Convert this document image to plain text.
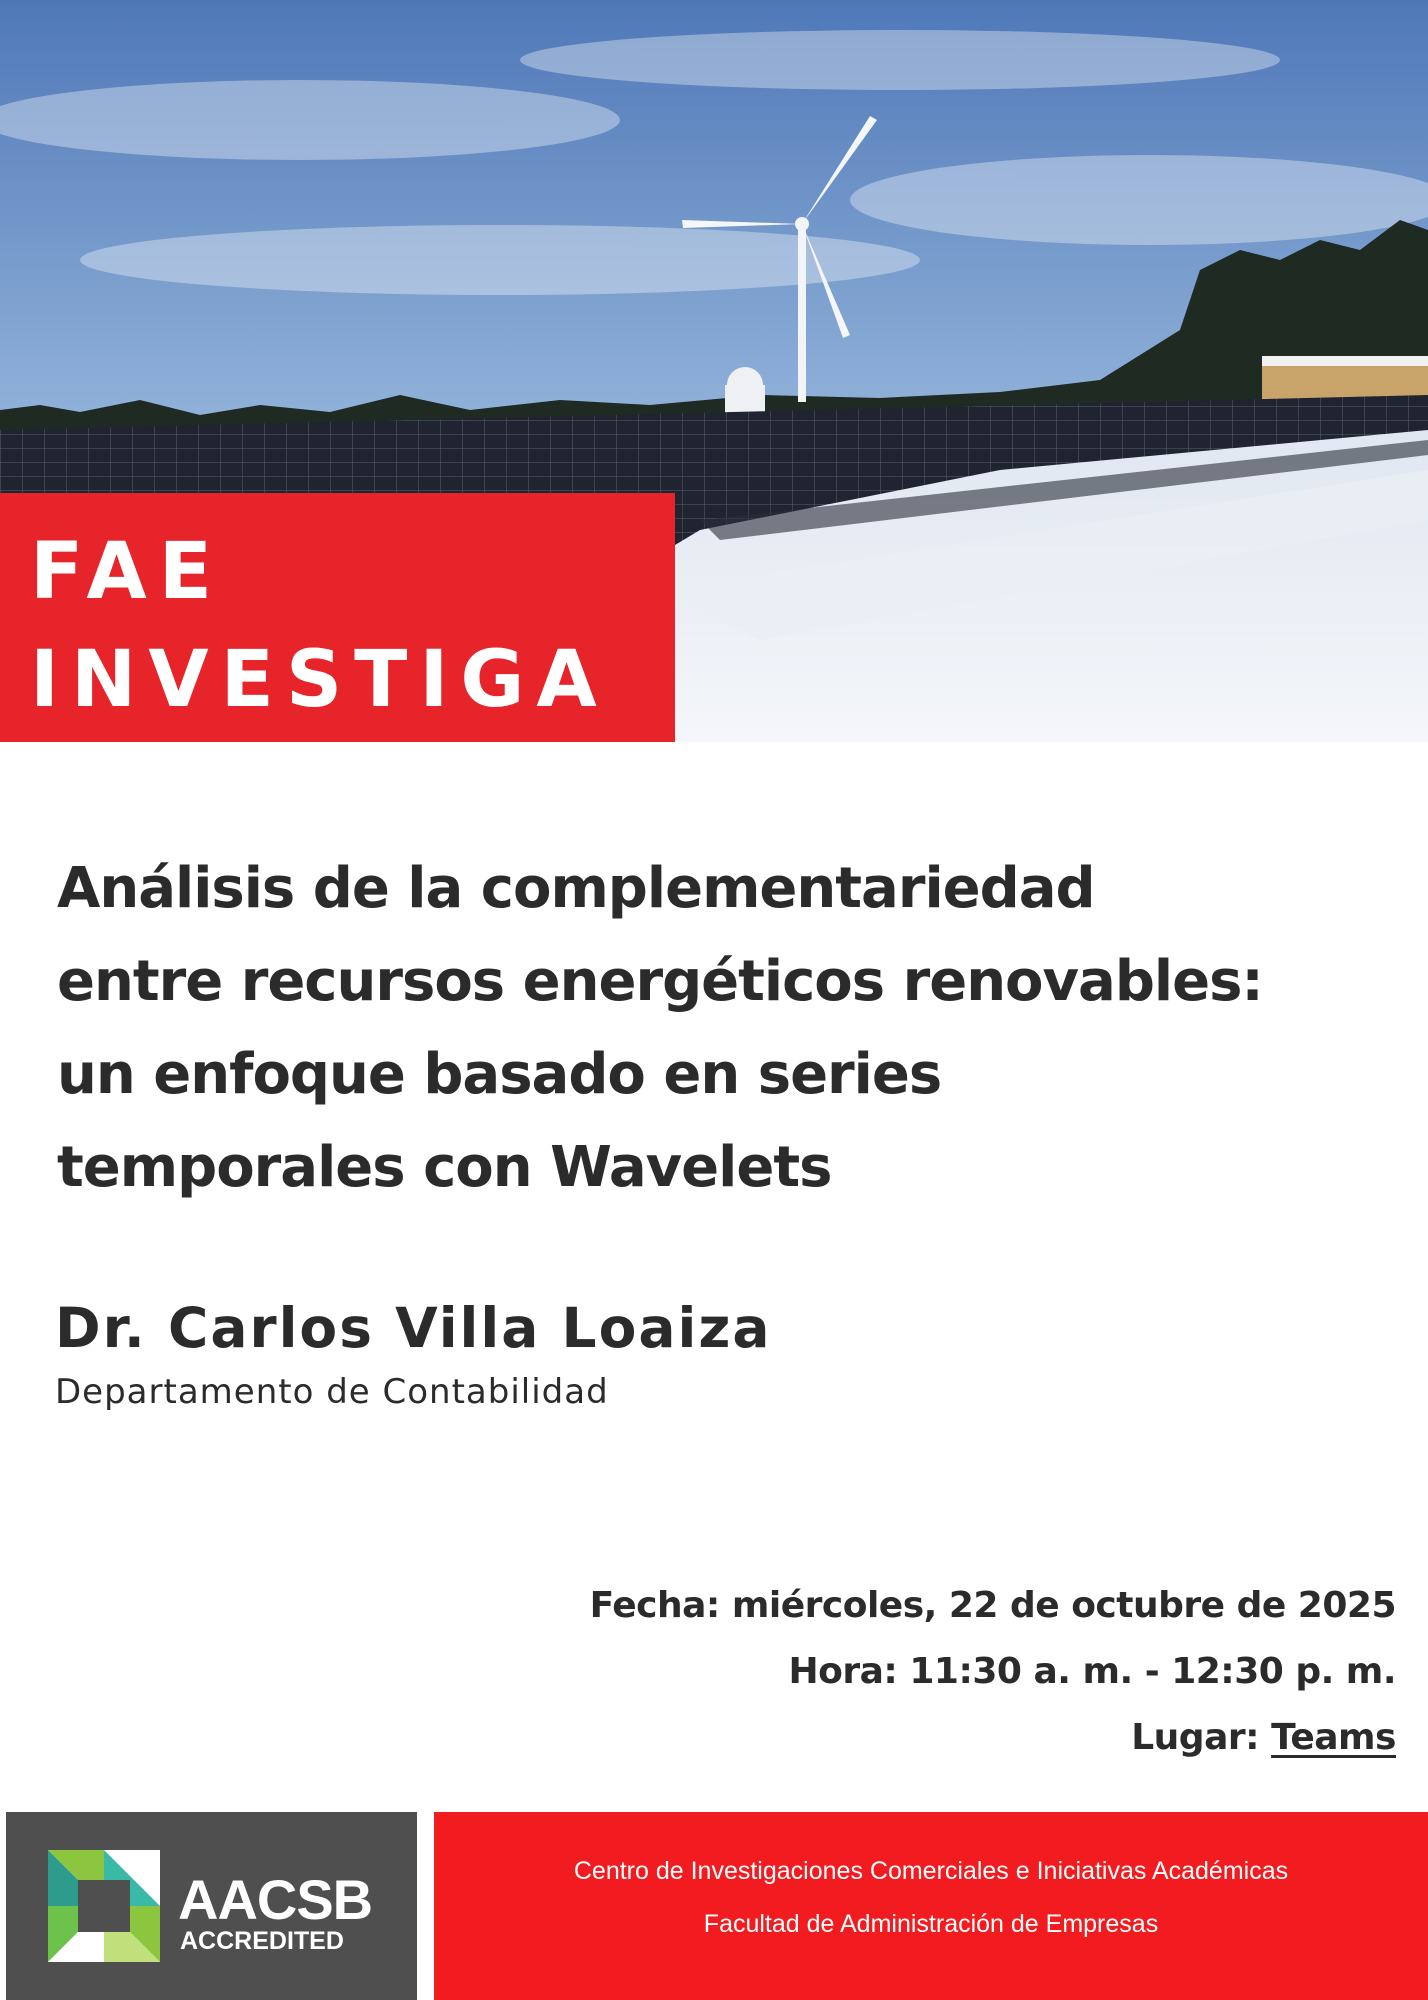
FAE
INVESTIGA
Análisis de la complementariedad
entre recursos energéticos renovables:
un enfoque basado en series
temporales con Wavelets
Dr. Carlos Villa Loaiza
Departamento de Contabilidad
Fecha: miércoles, 22 de octubre de 2025
Hora: 11:30 a. m. - 12:30 p. m.
Lugar: Teams
AACSB
ACCREDITED
Centro de Investigaciones Comerciales e Iniciativas Académicas
Facultad de Administración de Empresas
